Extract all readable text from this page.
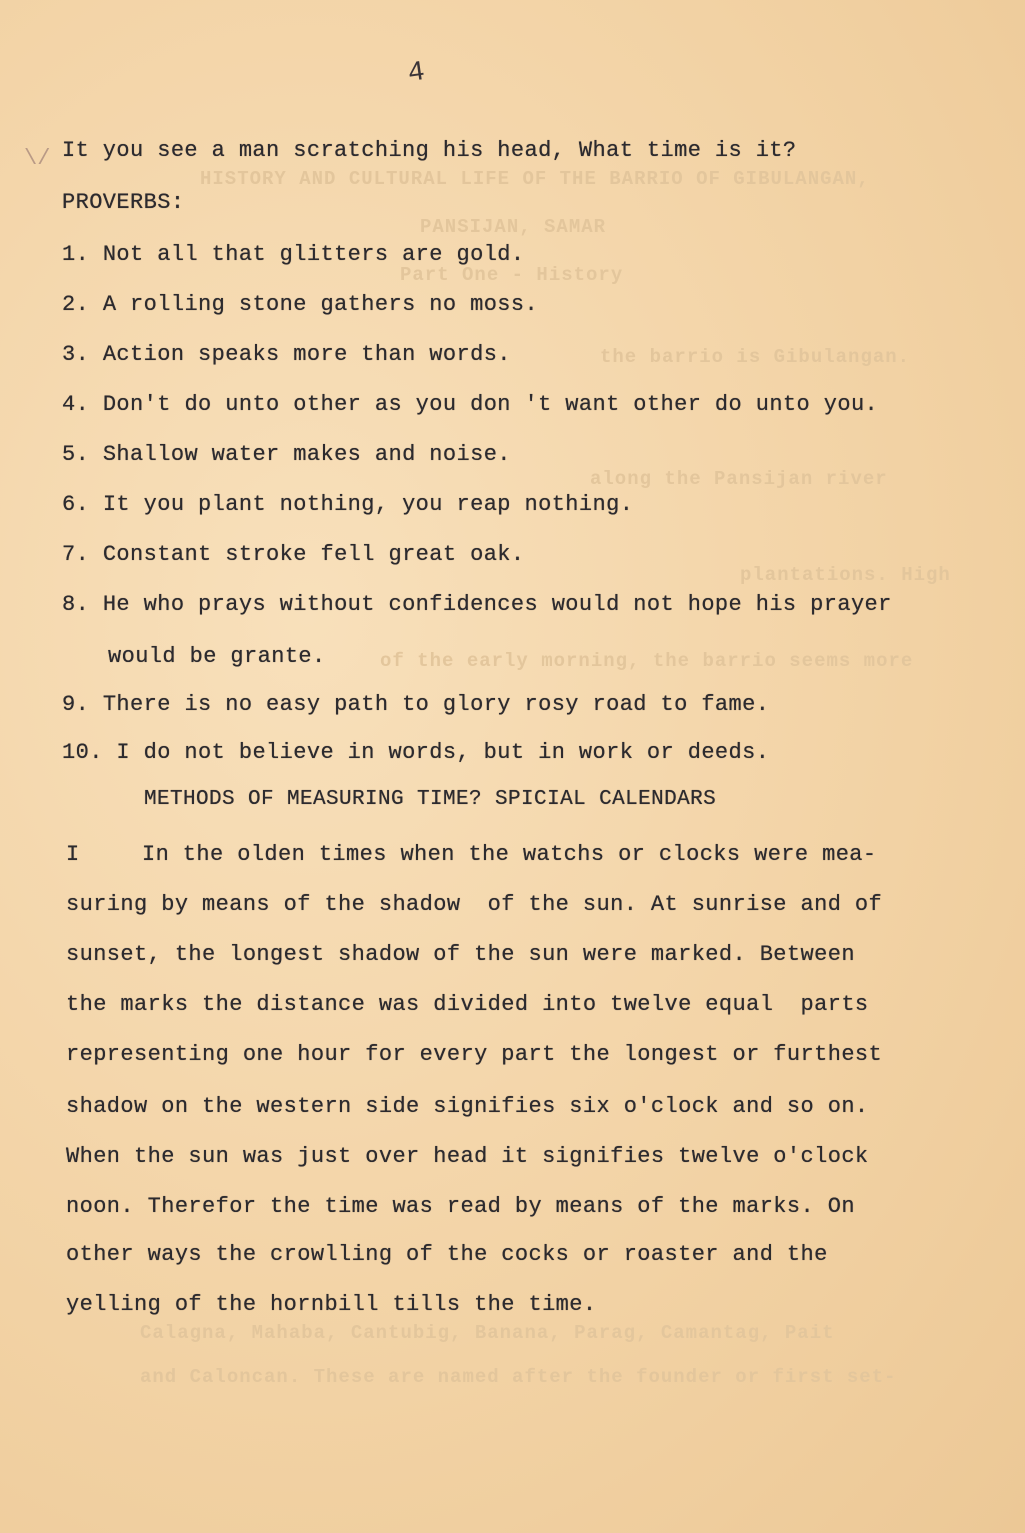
HISTORY AND CULTURAL LIFE OF THE BARRIO OF GIBULANGAN,
PANSIJAN, SAMAR
Part One - History
the barrio is Gibulangan.
along the Pansijan river
plantations. High
of the early morning, the barrio seems more
Calagna, Mahaba, Cantubig, Banana, Parag, Camantag, Pait
and Caloncan. These are named after the founder or first set-
4
\/ It you see a man scratching his head, What time is it?
PROVERBS:
1. Not all that glitters are gold.
2. A rolling stone gathers no moss.
3. Action speaks more than words.
4. Don't do unto other as you don 't want other do unto you.
5. Shallow water makes and noise.
6. It you plant nothing, you reap nothing.
7. Constant stroke fell great oak.
8. He who prays without confidences would not hope his prayer
would be grante.
9. There is no easy path to glory rosy road to fame.
10. I do not believe in words, but in work or deeds.
METHODS OF MEASURING TIME? SPICIAL CALENDARS
I	In the olden times when the watchs or clocks were mea-
suring by means of the shadow  of the sun. At sunrise and of
sunset, the longest shadow of the sun were marked. Between
the marks the distance was divided into twelve equal  parts
representing one hour for every part the longest or furthest
shadow on the western side signifies six o'clock and so on.
When the sun was just over head it signifies twelve o'clock
noon. Therefor the time was read by means of the marks. On
other ways the crowlling of the cocks or roaster and the
yelling of the hornbill tills the time.
